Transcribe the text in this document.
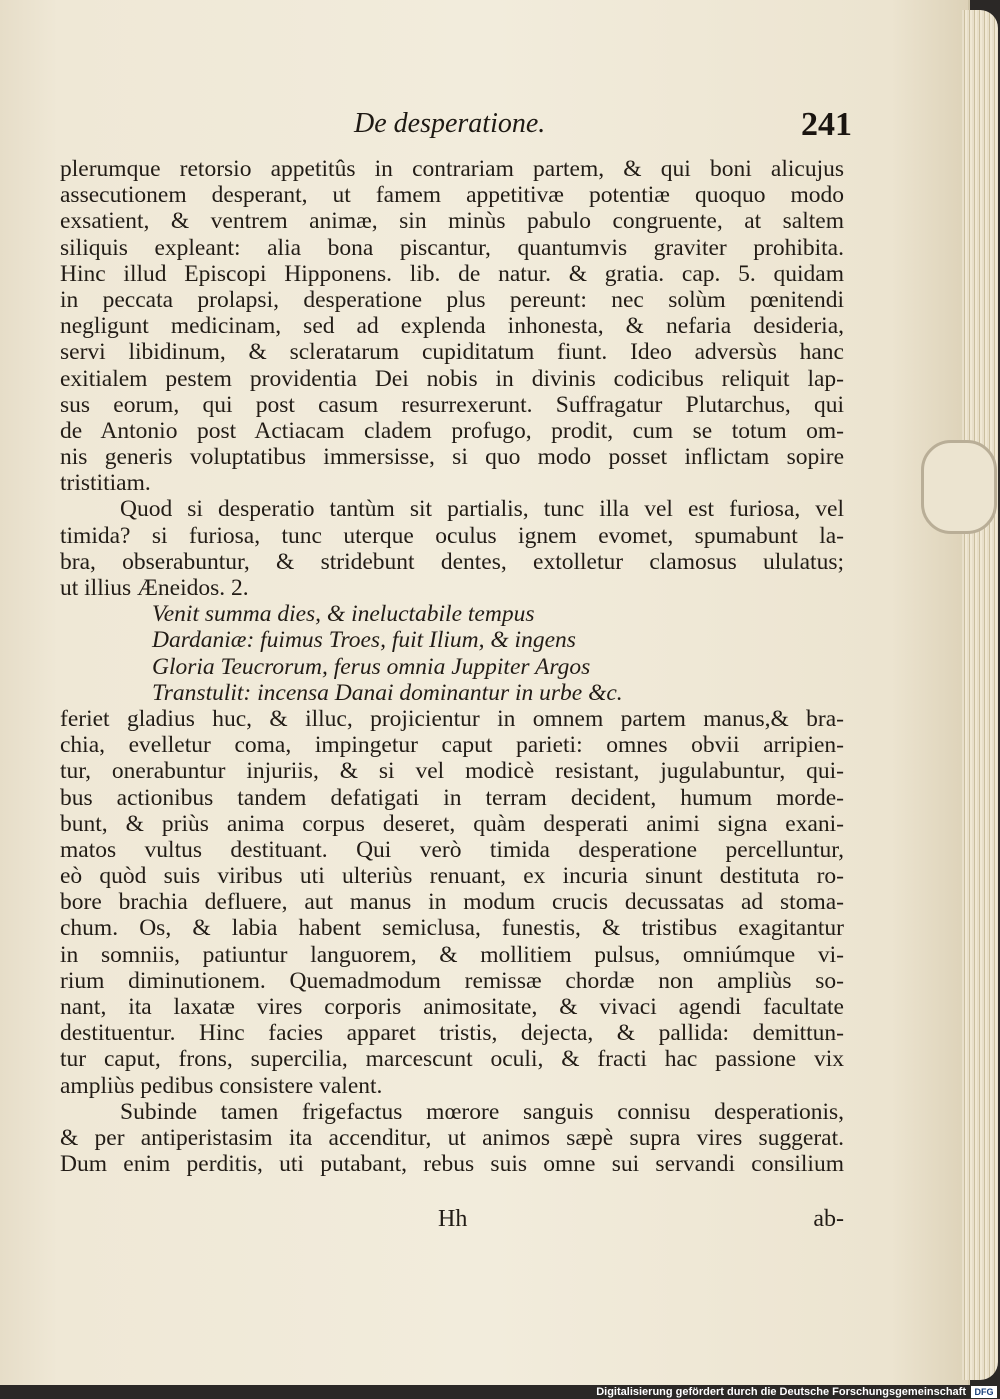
De desperatione.	241
plerumque retorsio appetitûs in contrariam partem, & qui boni alicujus
assecutionem desperant, ut famem appetitivæ potentiæ quoquo modo
exsatient, & ventrem animæ, sin minùs pabulo congruente, at saltem
siliquis expleant: alia bona piscantur, quantumvis graviter prohibita.
Hinc illud Episcopi Hipponens. lib. de natur. & gratia. cap. 5. quidam
in peccata prolapsi, desperatione plus pereunt: nec solùm pœnitendi
negligunt medicinam, sed ad explenda inhonesta, & nefaria desideria,
servi libidinum, & scleratarum cupiditatum fiunt. Ideo adversùs hanc
exitialem pestem providentia Dei nobis in divinis codicibus reliquit lap-
sus eorum, qui post casum resurrexerunt. Suffragatur Plutarchus, qui
de Antonio post Actiacam cladem profugo, prodit, cum se totum om-
nis generis voluptatibus immersisse, si quo modo posset inflictam sopire
tristitiam.
Quod si desperatio tantùm sit partialis, tunc illa vel est furiosa, vel
timida? si furiosa, tunc uterque oculus ignem evomet, spumabunt la-
bra, obserabuntur, & stridebunt dentes, extolletur clamosus ululatus;
ut illius Æneidos. 2.
Venit summa dies, & ineluctabile tempus
Dardaniæ: fuimus Troes, fuit Ilium, & ingens
Gloria Teucrorum, ferus omnia Juppiter Argos
Transtulit: incensa Danai dominantur in urbe &c.
feriet gladius huc, & illuc, projicientur in omnem partem manus,& bra-
chia, evelletur coma, impingetur caput parieti: omnes obvii arripien-
tur, onerabuntur injuriis, & si vel modicè resistant, jugulabuntur, qui-
bus actionibus tandem defatigati in terram decident, humum morde-
bunt, & priùs anima corpus deseret, quàm desperati animi signa exani-
matos vultus destituant. Qui verò timida desperatione percelluntur,
eò quòd suis viribus uti ulteriùs renuant, ex incuria sinunt destituta ro-
bore brachia defluere, aut manus in modum crucis decussatas ad stoma-
chum. Os, & labia habent semiclusa, funestis, & tristibus exagitantur
in somniis, patiuntur languorem, & mollitiem pulsus, omniúmque vi-
rium diminutionem. Quemadmodum remissæ chordæ non ampliùs so-
nant, ita laxatæ vires corporis animositate, & vivaci agendi facultate
destituentur. Hinc facies apparet tristis, dejecta, & pallida: demittun-
tur caput, frons, supercilia, marcescunt oculi, & fracti hac passione vix
ampliùs pedibus consistere valent.
Subinde tamen frigefactus mœrore sanguis connisu desperationis,
& per antiperistasim ita accenditur, ut animos sæpè supra vires suggerat.
Dum enim perditis, uti putabant, rebus suis omne sui servandi consilium
Hh	ab-
Digitalisierung gefördert durch die Deutsche Forschungsgemeinschaft DFG
